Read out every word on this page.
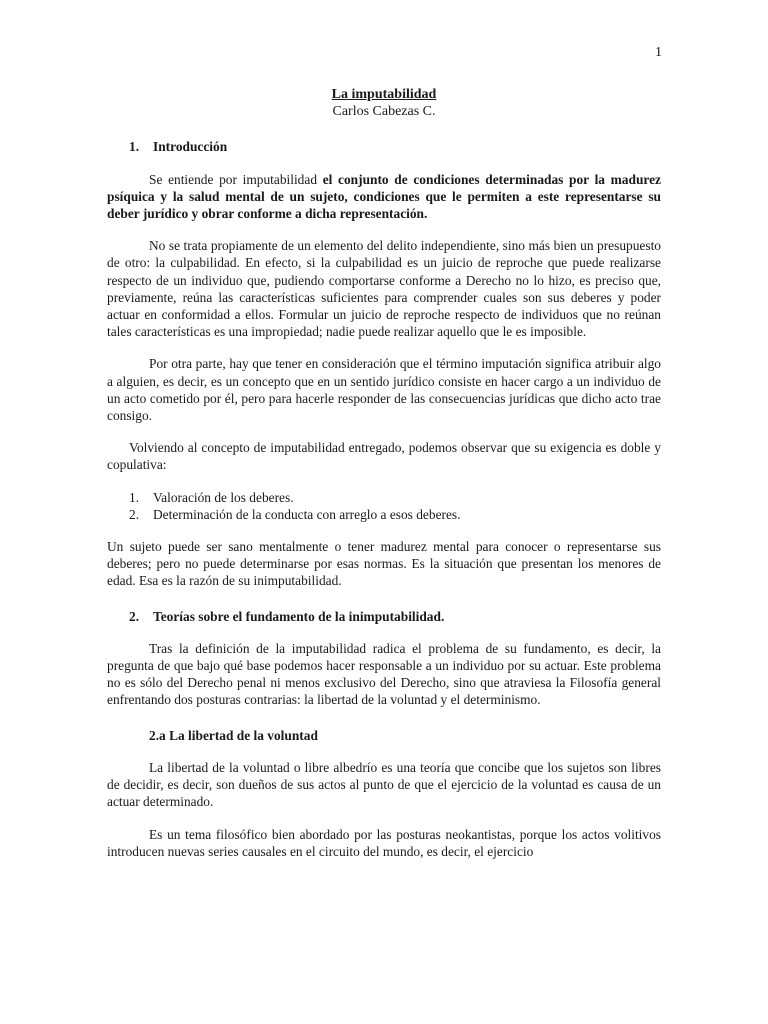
1
La imputabilidad
Carlos Cabezas C.
1. Introducción

Se entiende por imputabilidad el conjunto de condiciones determinadas por la madurez psíquica y la salud mental de un sujeto, condiciones que le permiten a este representarse su deber jurídico y obrar conforme a dicha representación.

No se trata propiamente de un elemento del delito independiente, sino más bien un presupuesto de otro: la culpabilidad. En efecto, si la culpabilidad es un juicio de reproche que puede realizarse respecto de un individuo que, pudiendo comportarse conforme a Derecho no lo hizo, es preciso que, previamente, reúna las características suficientes para comprender cuales son sus deberes y poder actuar en conformidad a ellos. Formular un juicio de reproche respecto de individuos que no reúnan tales características es una impropiedad; nadie puede realizar aquello que le es imposible.

Por otra parte, hay que tener en consideración que el término imputación significa atribuir algo a alguien, es decir, es un concepto que en un sentido jurídico consiste en hacer cargo a un individuo de un acto cometido por él, pero para hacerle responder de las consecuencias jurídicas que dicho acto trae consigo.

Volviendo al concepto de imputabilidad entregado, podemos observar que su exigencia es doble y copulativa:

1. Valoración de los deberes.
2. Determinación de la conducta con arreglo a esos deberes.

Un sujeto puede ser sano mentalmente o tener madurez mental para conocer o representarse sus deberes; pero no puede determinarse por esas normas. Es la situación que presentan los menores de edad. Esa es la razón de su inimputabilidad.

2. Teorías sobre el fundamento de la inimputabilidad.

Tras la definición de la imputabilidad radica el problema de su fundamento, es decir, la pregunta de que bajo qué base podemos hacer responsable a un individuo por su actuar. Este problema no es sólo del Derecho penal ni menos exclusivo del Derecho, sino que atraviesa la Filosofía general enfrentando dos posturas contrarias: la libertad de la voluntad y el determinismo.

2.a La libertad de la voluntad

La libertad de la voluntad o libre albedrío es una teoría que concibe que los sujetos son libres de decidir, es decir, son dueños de sus actos al punto de que el ejercicio de la voluntad es causa de un actuar determinado.

Es un tema filosófico bien abordado por las posturas neokantistas, porque los actos volitivos introducen nuevas series causales en el circuito del mundo, es decir, el ejercicio
